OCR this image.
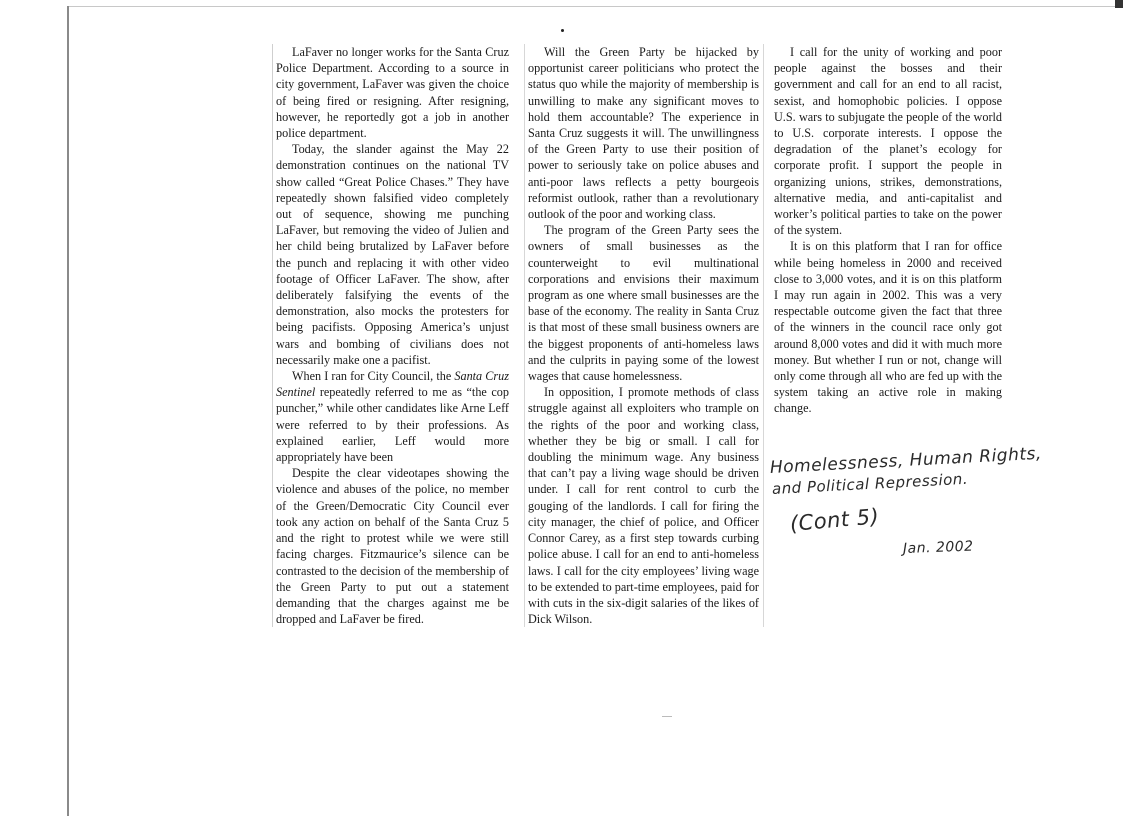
LaFaver no longer works for the Santa Cruz Police Department. According to a source in city government, LaFaver was given the choice of being fired or resigning. After resigning, however, he reportedly got a job in another police department.

Today, the slander against the May 22 demonstration continues on the national TV show called “Great Police Chases.” They have repeatedly shown falsified video completely out of sequence, showing me punching LaFaver, but removing the video of Julien and her child being brutalized by LaFaver before the punch and replacing it with other video footage of Officer LaFaver. The show, after deliberately falsifying the events of the demonstration, also mocks the protesters for being pacifists. Opposing America’s unjust wars and bombing of civilians does not necessarily make one a pacifist.

When I ran for City Council, the Santa Cruz Sentinel repeatedly referred to me as “the cop puncher,” while other candidates like Arne Leff were referred to by their professions. As explained earlier, Leff would more appropriately have been

Despite the clear videotapes showing the violence and abuses of the police, no member of the Green/Democratic City Council ever took any action on behalf of the Santa Cruz 5 and the right to protest while we were still facing charges. Fitzmaurice’s silence can be contrasted to the decision of the membership of the Green Party to put out a statement demanding that the charges against me be dropped and LaFaver be fired.

Will the Green Party be hijacked by opportunist career politicians who protect the status quo while the majority of membership is unwilling to make any significant moves to hold them accountable? The experience in Santa Cruz suggests it will. The unwillingness of the Green Party to use their position of power to seriously take on police abuses and anti-poor laws reflects a petty bourgeois reformist outlook, rather than a revolutionary outlook of the poor and working class.

The program of the Green Party sees the owners of small businesses as the counterweight to evil multinational corporations and envisions their maximum program as one where small businesses are the base of the economy. The reality in Santa Cruz is that most of these small business owners are the biggest proponents of anti-homeless laws and the culprits in paying some of the lowest wages that cause homelessness.

In opposition, I promote methods of class struggle against all exploiters who trample on the rights of the poor and working class, whether they be big or small. I call for doubling the minimum wage. Any business that can’t pay a living wage should be driven under. I call for rent control to curb the gouging of the landlords. I call for firing the city manager, the chief of police, and Officer Connor Carey, as a first step towards curbing police abuse. I call for an end to anti-homeless laws. I call for the city employees’ living wage to be extended to part-time employees, paid for with cuts in the six-digit salaries of the likes of Dick Wilson.

I call for the unity of working and poor people against the bosses and their government and call for an end to all racist, sexist, and homophobic policies. I oppose U.S. wars to subjugate the people of the world to U.S. corporate interests. I oppose the degradation of the planet’s ecology for corporate profit. I support the people in organizing unions, strikes, demonstrations, alternative media, and anti-capitalist and worker’s political parties to take on the power of the system.

It is on this platform that I ran for office while being homeless in 2000 and received close to 3,000 votes, and it is on this platform I may run again in 2002. This was a very respectable outcome given the fact that three of the winners in the council race only got around 8,000 votes and did it with much more money. But whether I run or not, change will only come through all who are fed up with the system taking an active role in making change.

Homelessness, Human Rights,
and Political Repression.
(Cont 5)
Jan. 2002
